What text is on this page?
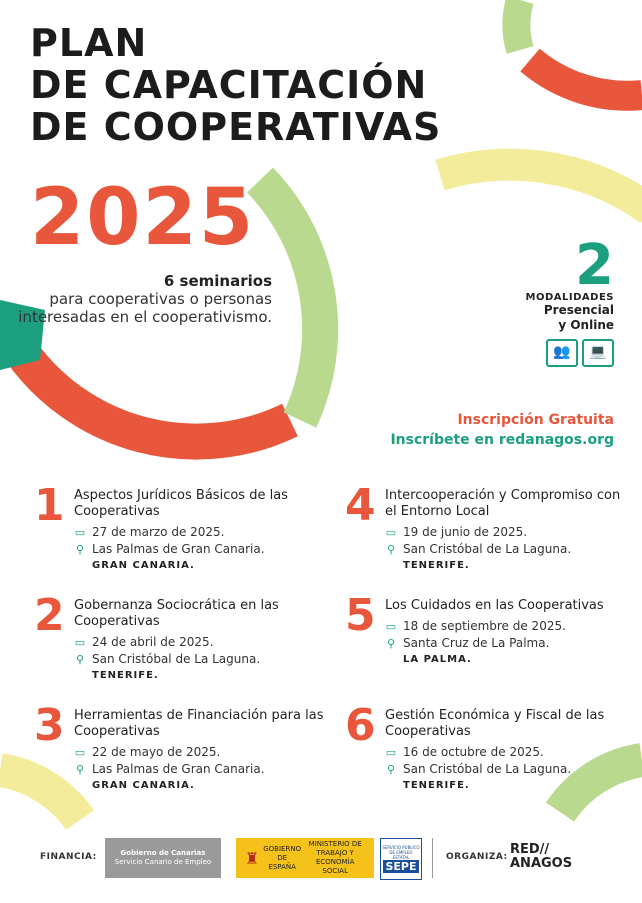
PLAN
DE CAPACITACIÓN
DE COOPERATIVAS
2025
6 seminarios
para cooperativas o personas interesadas en el cooperativismo.
2
MODALIDADES
Presencial
y Online
👥	💻
Inscripción Gratuita
Inscríbete en redanagos.org
1 Aspectos Jurídicos Básicos de las Cooperativas
▭ 27 de marzo de 2025.
⚲ Las Palmas de Gran Canaria.
GRAN CANARIA.
2 Gobernanza Sociocrática en las Cooperativas
▭ 24 de abril de 2025.
⚲ San Cristóbal de La Laguna.
TENERIFE.
3 Herramientas de Financiación para las Cooperativas
▭ 22 de mayo de 2025.
⚲ Las Palmas de Gran Canaria.
GRAN CANARIA.
4 Intercooperación y Compromiso con el Entorno Local
▭ 19 de junio de 2025.
⚲ San Cristóbal de La Laguna.
TENERIFE.
5 Los Cuidados en las Cooperativas
▭ 18 de septiembre de 2025.
⚲ Santa Cruz de La Palma.
LA PALMA.
6 Gestión Económica y Fiscal de las Cooperativas
▭ 16 de octubre de 2025.
⚲ San Cristóbal de La Laguna.
TENERIFE.
FINANCIA:	Gobierno de Canarias
Servicio Canario de Empleo ♜ GOBIERNO DE ESPAÑA
MINISTERIO DE TRABAJO Y ECONOMÍA SOCIAL
SERVICIO PÚBLICO DE EMPLEO ESTATAL
SEPE
ORGANIZA: RED//
ANAGOS
